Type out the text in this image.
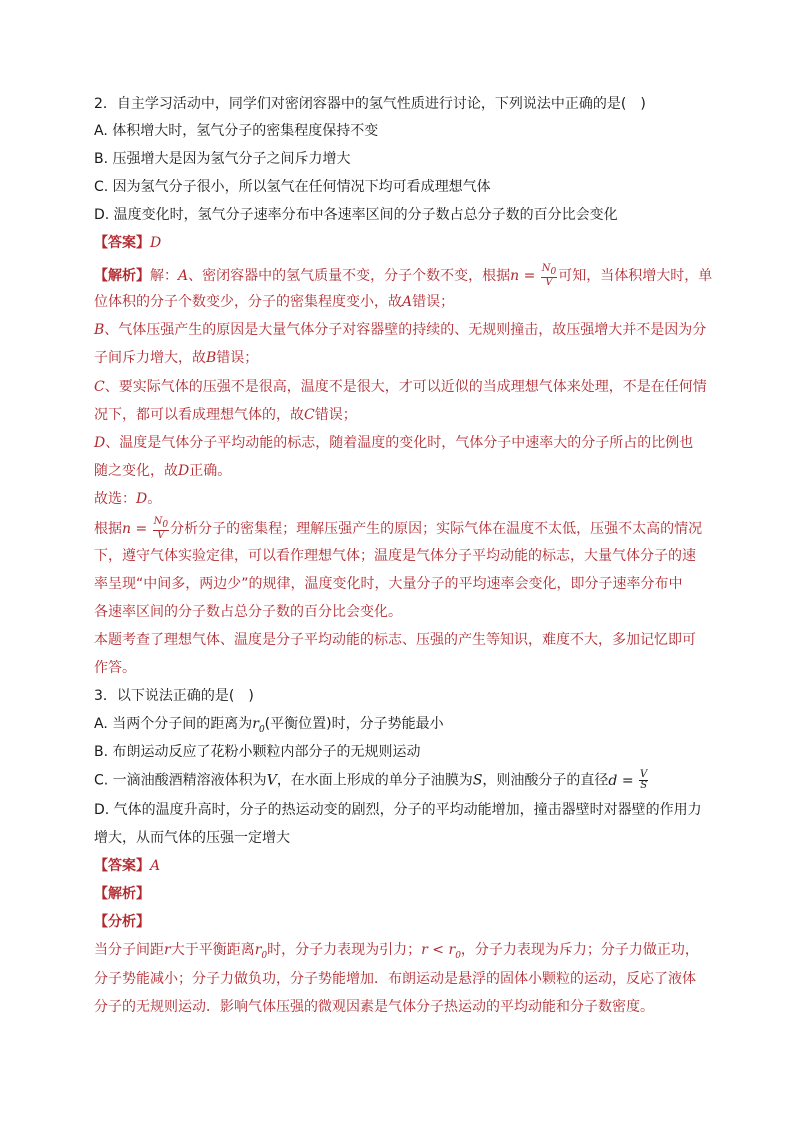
2．自主学习活动中，同学们对密闭容器中的氢气性质进行讨论，下列说法中正确的是(　)
A. 体积增大时，氢气分子的密集程度保持不变
B. 压强增大是因为氢气分子之间斥力增大
C. 因为氢气分子很小，所以氢气在任何情况下均可看成理想气体
D. 温度变化时，氢气分子速率分布中各速率区间的分子数占总分子数的百分比会变化
【答案】D
【解析】解：A、密闭容器中的氢气质量不变，分子个数不变，根据$n = \frac{N_0}{V}$ 可知，当体积增大时，单
位体积的分子个数变少，分子的密集程度变小，故A错误；
B、气体压强产生的原因是大量气体分子对容器壁的持续的、无规则撞击，故压强增大并不是因为分
子间斥力增大，故B错误；
C、要实际气体的压强不是很高，温度不是很大，才可以近似的当成理想气体来处理，不是在任何情
况下，都可以看成理想气体的，故C错误；
D、温度是气体分子平均动能的标志，随着温度的变化时，气体分子中速率大的分子所占的比例也
随之变化，故D正确。
故选：D。
根据$n = \frac{N_0}{V}$ 分析分子的密集程；理解压强产生的原因；实际气体在温度不太低，压强不太高的情况
下，遵守气体实验定律，可以看作理想气体；温度是气体分子平均动能的标志，大量气体分子的速
率呈现“中间多，两边少”的规律，温度变化时，大量分子的平均速率会变化，即分子速率分布中
各速率区间的分子数占总分子数的百分比会变化。
本题考查了理想气体、温度是分子平均动能的标志、压强的产生等知识，难度不大，多加记忆即可
作答。
3．以下说法正确的是(　)
A. 当两个分子间的距离为$r_0$(平衡位置)时，分子势能最小
B. 布朗运动反应了花粉小颗粒内部分子的无规则运动
C. 一滴油酸酒精溶液体积为V，在水面上形成的单分子油膜为S，则油酸分子的直径$d = \frac{V}{S}$
D. 气体的温度升高时，分子的热运动变的剧烈，分子的平均动能增加，撞击器壁时对器壁的作用力
增大，从而气体的压强一定增大
【答案】A
【解析】
【分析】
当分子间距r大于平衡距离$r_0$时，分子力表现为引力；$r < r_0$，分子力表现为斥力；分子力做正功，
分子势能减小；分子力做负功，分子势能增加．布朗运动是悬浮的固体小颗粒的运动，反応了液体
分子的无规则运动．影响气体压强的微观因素是气体分子热运动的平均动能和分子数密度。
